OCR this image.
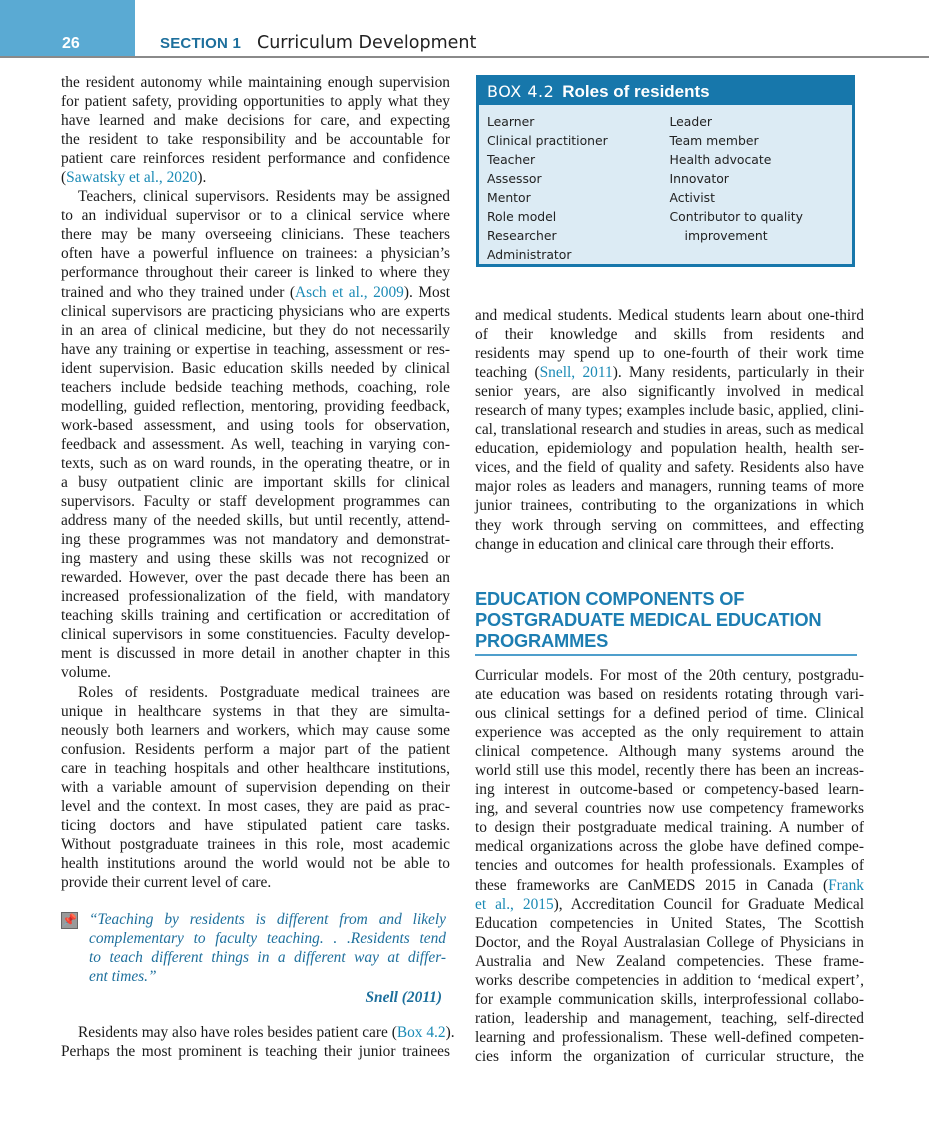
26	SECTION 1 Curriculum Development
the resident autonomy while maintaining enough supervision
for patient safety, providing opportunities to apply what they
have learned and make decisions for care, and expecting
the resident to take responsibility and be accountable for
patient care reinforces resident performance and confidence
(Sawatsky et al., 2020).
Teachers, clinical supervisors. Residents may be assigned
to an individual supervisor or to a clinical service where
there may be many overseeing clinicians. These teachers
often have a powerful influence on trainees: a physician’s
performance throughout their career is linked to where they
trained and who they trained under (Asch et al., 2009). Most
clinical supervisors are practicing physicians who are experts
in an area of clinical medicine, but they do not necessarily
have any training or expertise in teaching, assessment or res-
ident supervision. Basic education skills needed by clinical
teachers include bedside teaching methods, coaching, role
modelling, guided reflection, mentoring, providing feedback,
work-based assessment, and using tools for observation,
feedback and assessment. As well, teaching in varying con-
texts, such as on ward rounds, in the operating theatre, or in
a busy outpatient clinic are important skills for clinical
supervisors. Faculty or staff development programmes can
address many of the needed skills, but until recently, attend-
ing these programmes was not mandatory and demonstrat-
ing mastery and using these skills was not recognized or
rewarded. However, over the past decade there has been an
increased professionalization of the field, with mandatory
teaching skills training and certification or accreditation of
clinical supervisors in some constituencies. Faculty develop-
ment is discussed in more detail in another chapter in this
volume.
Roles of residents. Postgraduate medical trainees are
unique in healthcare systems in that they are simulta-
neously both learners and workers, which may cause some
confusion. Residents perform a major part of the patient
care in teaching hospitals and other healthcare institutions,
with a variable amount of supervision depending on their
level and the context. In most cases, they are paid as prac-
ticing doctors and have stipulated patient care tasks.
Without postgraduate trainees in this role, most academic
health institutions around the world would not be able to
provide their current level of care.
📌 “Teaching by residents is different from and likely
complementary to faculty teaching. . .Residents tend
to teach different things in a different way at differ-
ent times.”
Snell (2011)
Residents may also have roles besides patient care (Box 4.2).
Perhaps the most prominent is teaching their junior trainees
BOX 4.2 Roles of residents
Learner
Clinical practitioner
Teacher
Assessor
Mentor
Role model
Researcher
Administrator
Leader
Team member
Health advocate
Innovator
Activist
Contributor to quality
improvement
and medical students. Medical students learn about one-third
of their knowledge and skills from residents and
residents may spend up to one-fourth of their work time
teaching (Snell, 2011). Many residents, particularly in their
senior years, are also significantly involved in medical
research of many types; examples include basic, applied, clini-
cal, translational research and studies in areas, such as medical
education, epidemiology and population health, health ser-
vices, and the field of quality and safety. Residents also have
major roles as leaders and managers, running teams of more
junior trainees, contributing to the organizations in which
they work through serving on committees, and effecting
change in education and clinical care through their efforts.
EDUCATION COMPONENTS OF
POSTGRADUATE MEDICAL EDUCATION
PROGRAMMES
Curricular models. For most of the 20th century, postgradu-
ate education was based on residents rotating through vari-
ous clinical settings for a defined period of time. Clinical
experience was accepted as the only requirement to attain
clinical competence. Although many systems around the
world still use this model, recently there has been an increas-
ing interest in outcome-based or competency-based learn-
ing, and several countries now use competency frameworks
to design their postgraduate medical training. A number of
medical organizations across the globe have defined compe-
tencies and outcomes for health professionals. Examples of
these frameworks are CanMEDS 2015 in Canada (Frank
et al., 2015), Accreditation Council for Graduate Medical
Education competencies in United States, The Scottish
Doctor, and the Royal Australasian College of Physicians in
Australia and New Zealand competencies. These frame-
works describe competencies in addition to ‘medical expert’,
for example communication skills, interprofessional collabo-
ration, leadership and management, teaching, self-directed
learning and professionalism. These well-defined competen-
cies inform the organization of curricular structure, the
